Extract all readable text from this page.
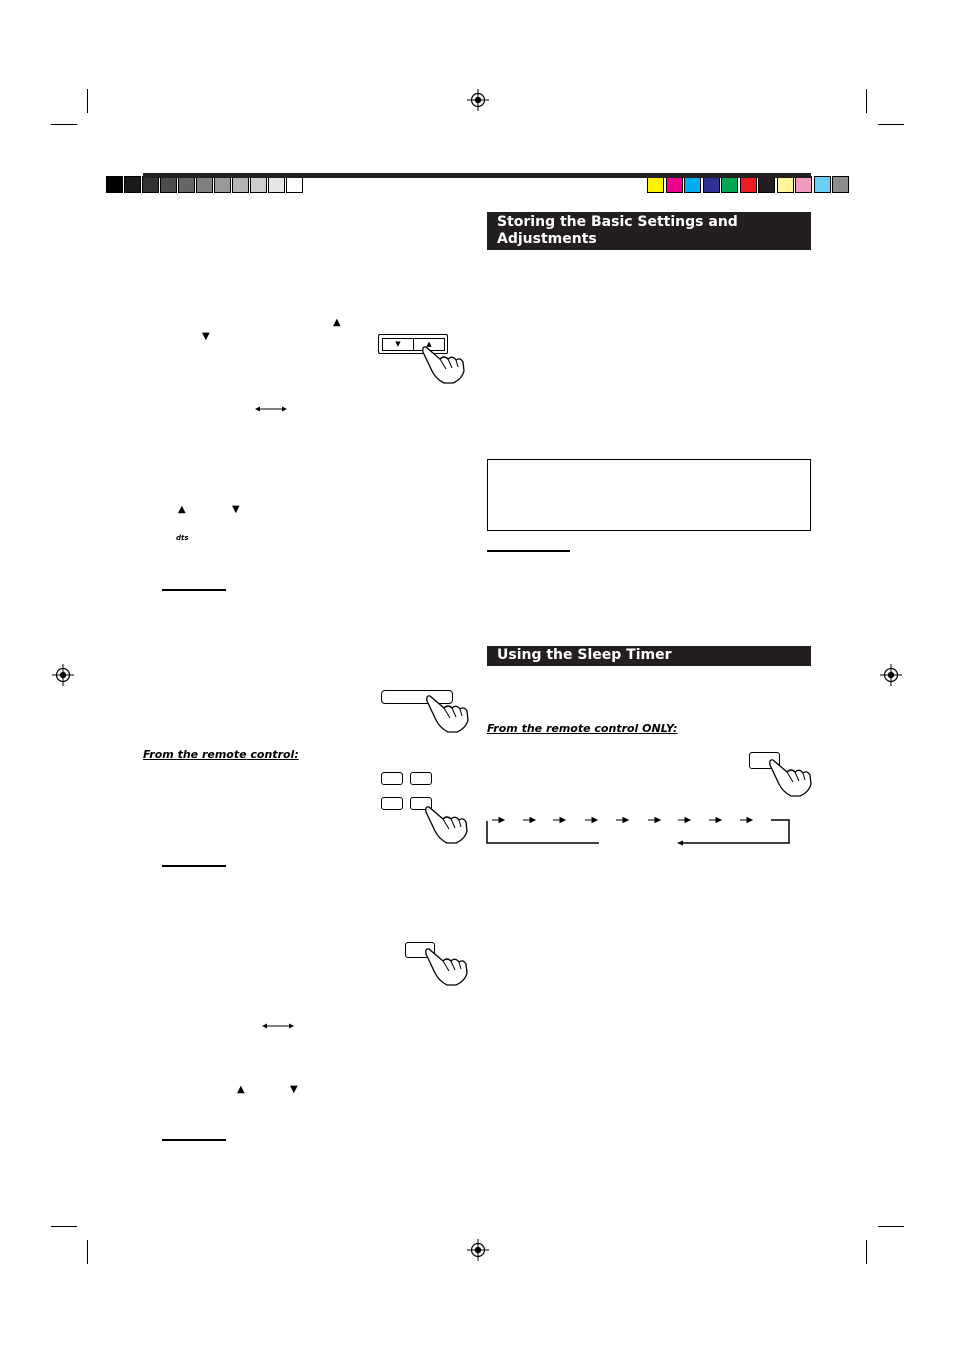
▲
▼
▼	▲
▲	▼
dts
From the remote control:
▲	▼
Storing the Basic Settings and
Adjustments
Using the Sleep Timer
From the remote control ONLY:
